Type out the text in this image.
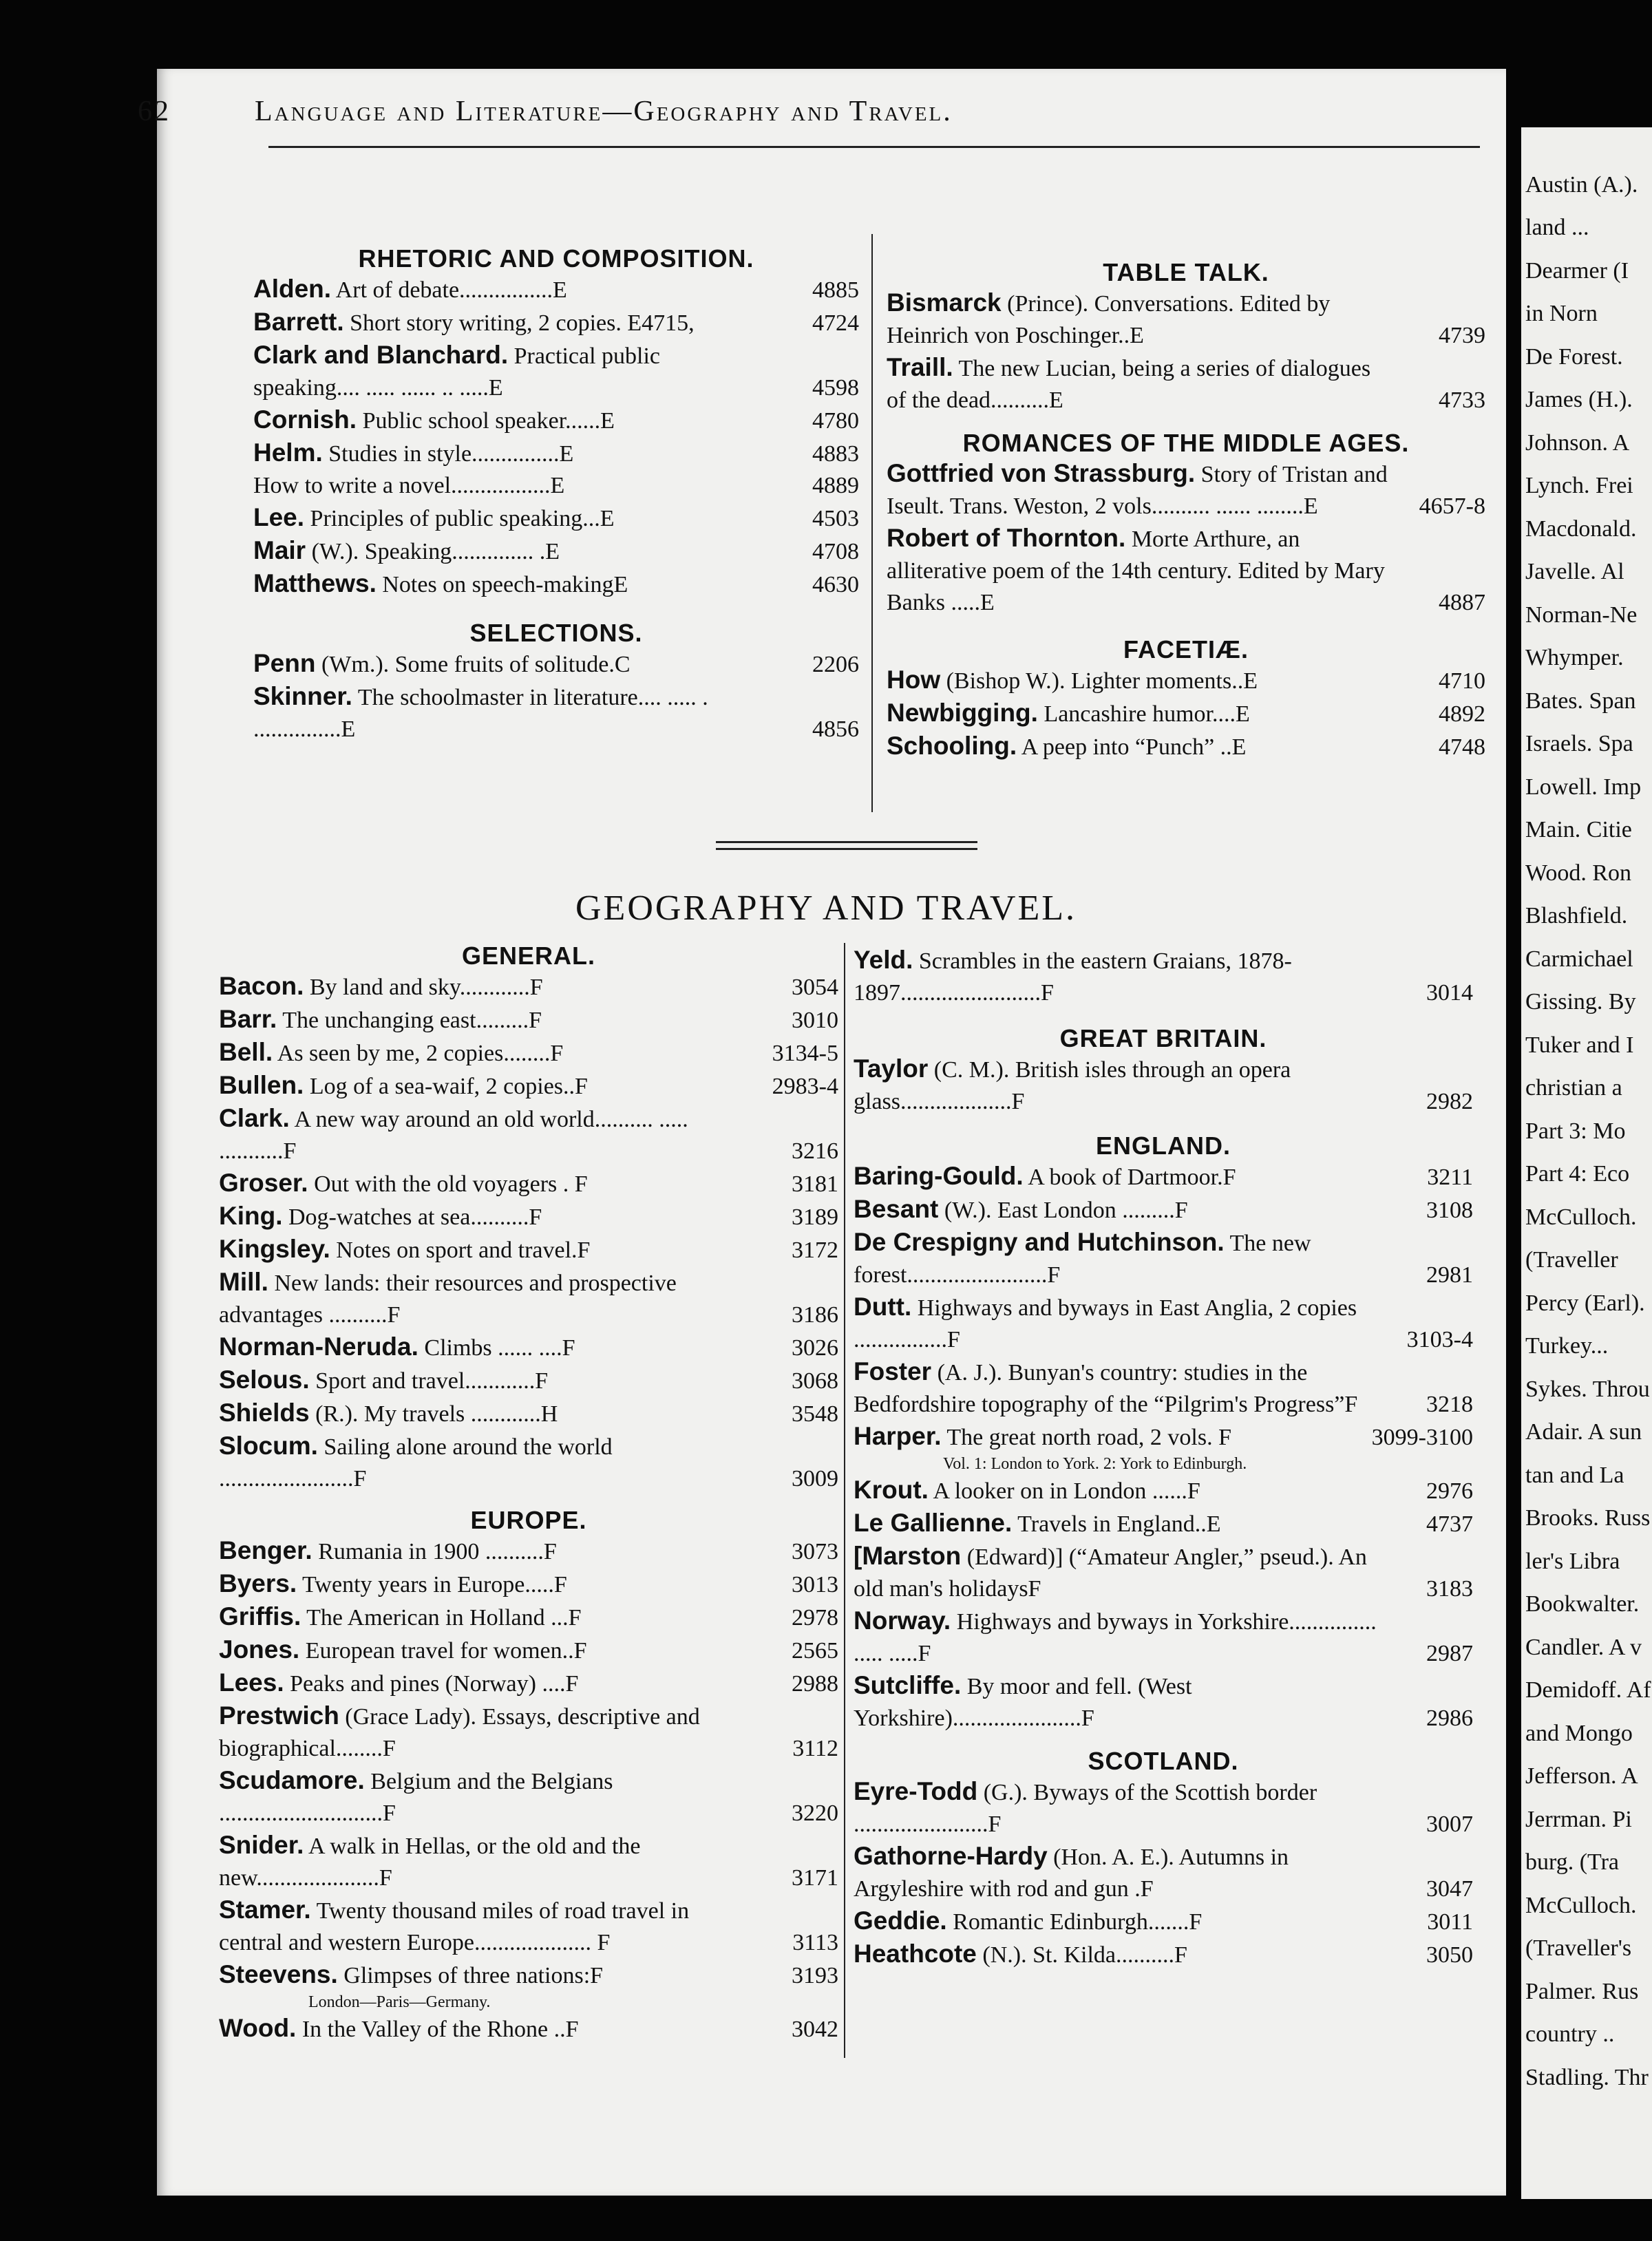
62	Language and Literature—Geography and Travel.
RHETORIC AND COMPOSITION.
Alden. Art of debate................E	4885
Barrett. Short story writing, 2 copies. E4715,	4724
Clark and Blanchard. Practical public speaking.... ..... ...... .. .....E	4598
Cornish. Public school speaker......E	4780
Helm. Studies in style...............E	4883
How to write a novel.................E	4889
Lee. Principles of public speaking...E	4503
Mair (W.). Speaking.............. .E	4708
Matthews. Notes on speech-makingE	4630
SELECTIONS.
Penn (Wm.). Some fruits of solitude.C	2206
Skinner. The schoolmaster in literature.... ..... . ...............E	4856
TABLE TALK.
Bismarck (Prince). Conversations. Edited by Heinrich von Poschinger..E	4739
Traill. The new Lucian, being a series of dialogues of the dead..........E	4733
ROMANCES OF THE MIDDLE AGES.
Gottfried von Strassburg. Story of Tristan and Iseult. Trans. Weston, 2 vols.......... ...... ........E	4657-8
Robert of Thornton. Morte Arthure, an alliterative poem of the 14th century. Edited by Mary Banks .....E	4887
FACETIÆ.
How (Bishop W.). Lighter moments..E	4710
Newbigging. Lancashire humor....E	4892
Schooling. A peep into “Punch” ..E	4748
GEOGRAPHY AND TRAVEL.
GENERAL.
Bacon. By land and sky............F	3054
Barr. The unchanging east.........F	3010
Bell. As seen by me, 2 copies........F	3134-5
Bullen. Log of a sea-waif, 2 copies..F	2983-4
Clark. A new way around an old world.......... ..... ...........F	3216
Groser. Out with the old voyagers . F	3181
King. Dog-watches at sea..........F	3189
Kingsley. Notes on sport and travel.F	3172
Mill. New lands: their resources and prospective advantages ..........F	3186
Norman-Neruda. Climbs ...... ....F	3026
Selous. Sport and travel............F	3068
Shields (R.). My travels ............H	3548
Slocum. Sailing alone around the world .......................F	3009
EUROPE.
Benger. Rumania in 1900 ..........F	3073
Byers. Twenty years in Europe.....F	3013
Griffis. The American in Holland ...F	2978
Jones. European travel for women..F	2565
Lees. Peaks and pines (Norway) ....F	2988
Prestwich (Grace Lady). Essays, descriptive and biographical........F	3112
Scudamore. Belgium and the Belgians ............................F	3220
Snider. A walk in Hellas, or the old and the new.....................F	3171
Stamer. Twenty thousand miles of road travel in central and western Europe.................... F	3113
Steevens. Glimpses of three nations:F	3193
London—Paris—Germany.
Wood. In the Valley of the Rhone ..F	3042
Yeld. Scrambles in the eastern Graians, 1878-1897........................F	3014
GREAT BRITAIN.
Taylor (C. M.). British isles through an opera glass...................F	2982
ENGLAND.
Baring-Gould. A book of Dartmoor.F	3211
Besant (W.). East London .........F	3108
De Crespigny and Hutchinson. The new forest........................F	2981
Dutt. Highways and byways in East Anglia, 2 copies ................F	3103-4
Foster (A. J.). Bunyan's country: studies in the Bedfordshire topography of the “Pilgrim's Progress”F	3218
Harper. The great north road, 2 vols. F	3099-3100
Vol. 1: London to York. 2: York to Edinburgh.
Krout. A looker on in London ......F	2976
Le Gallienne. Travels in England..E	4737
[Marston (Edward)] (“Amateur Angler,” pseud.). An old man's holidaysF	3183
Norway. Highways and byways in Yorkshire............... ..... .....F	2987
Sutcliffe. By moor and fell. (West Yorkshire)......................F	2986
SCOTLAND.
Eyre-Todd (G.). Byways of the Scottish border .......................F	3007
Gathorne-Hardy (Hon. A. E.). Autumns in Argyleshire with rod and gun .F	3047
Geddie. Romantic Edinburgh.......F	3011
Heathcote (N.). St. Kilda..........F	3050
Austin (A.).
land ...
Dearmer (I
in Norn
De Forest.
James (H.).
Johnson. A
Lynch. Frei
Macdonald.
Javelle. Al
Norman-Ne
Whymper.
Bates. Span
Israels. Spa
Lowell. Imp
Main. Citie
Wood. Ron
Blashfield.
Carmichael
Gissing. By
Tuker and I
christian a
Part 3: Mo
Part 4: Eco
McCulloch.
(Traveller
Percy (Earl).
Turkey...
Sykes. Throu
Adair. A sun
tan and La
Brooks. Russ
ler's Libra
Bookwalter.
Candler. A v
Demidoff. Af
and Mongo
Jefferson. A
Jerrman. Pi
burg. (Tra
McCulloch.
(Traveller's
Palmer. Rus
country ..
Stadling. Thr
